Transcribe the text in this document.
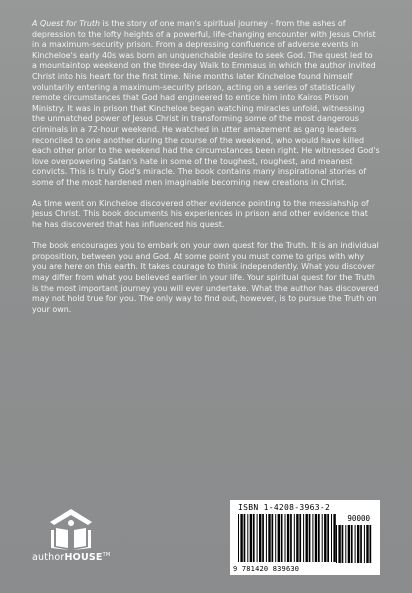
A Quest for Truth is the story of one man's spiritual journey - from the ashes of depression to the lofty heights of a powerful, life-changing encounter with Jesus Christ in a maximum-security prison. From a depressing confluence of adverse events in Kincheloe's early 40s was born an unquenchable desire to seek God. The quest led to a mountaintop weekend on the three-day Walk to Emmaus in which the author invited Christ into his heart for the first time. Nine months later Kincheloe found himself voluntarily entering a maximum-security prison, acting on a series of statistically remote circumstances that God had engineered to entice him into Kairos Prison Ministry. It was in prison that Kincheloe began watching miracles unfold, witnessing the unmatched power of Jesus Christ in transforming some of the most dangerous criminals in a 72-hour weekend. He watched in utter amazement as gang leaders reconciled to one another during the course of the weekend, who would have killed each other prior to the weekend had the circumstances been right. He witnessed God's love overpowering Satan's hate in some of the toughest, roughest, and meanest convicts. This is truly God's miracle. The book contains many inspirational stories of some of the most hardened men imaginable becoming new creations in Christ.

As time went on Kincheloe discovered other evidence pointing to the messiahship of Jesus Christ. This book documents his experiences in prison and other evidence that he has discovered that has influenced his quest.

The book encourages you to embark on your own quest for the Truth. It is an individual proposition, between you and God. At some point you must come to grips with why you are here on this earth. It takes courage to think independently. What you discover may differ from what you believed earlier in your life. Your spiritual quest for the Truth is the most important journey you will ever undertake. What the author has discovered may not hold true for you. The only way to find out, however, is to pursue the Truth on your own.

authorHOUSE™
ISBN 1-4208-3963-2
90000
9 781420 839630
